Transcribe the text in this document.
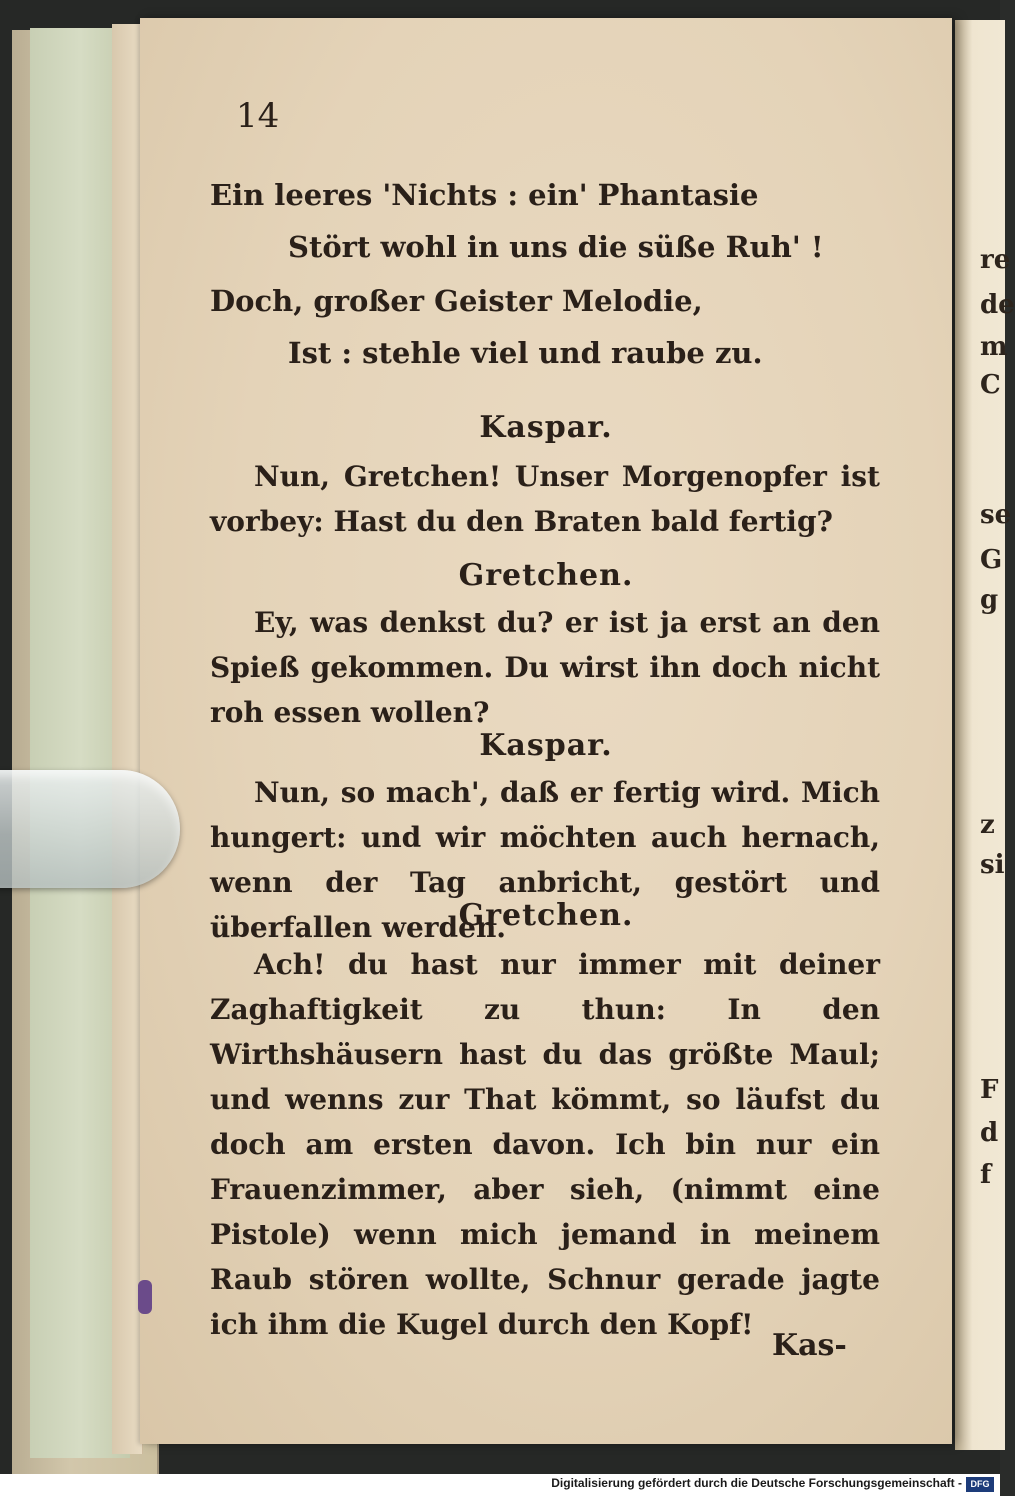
re
de
m
C
se
G
g
z
si
F
d
f
14
Ein leeres 'Nichts : ein' Phantasie
Stört wohl in uns die süße Ruh' !
Doch, großer Geister Melodie,
Ist : stehle viel und raube zu.
Kaspar.
Nun, Gretchen! Unser Morgenopfer ist vorbey: Hast du den Braten bald fertig?
Gretchen.
Ey, was denkst du? er ist ja erst an den Spieß gekommen. Du wirst ihn doch nicht roh essen wollen?
Kaspar.
Nun, so mach', daß er fertig wird. Mich hungert: und wir möchten auch hernach, wenn der Tag anbricht, gestört und überfallen werden.
Gretchen.
Ach! du hast nur immer mit deiner Zaghaftigkeit zu thun: In den Wirthshäusern hast du das größte Maul; und wenns zur That kömmt, so läufst du doch am ersten davon. Ich bin nur ein Frauenzimmer, aber sieh, (nimmt eine Pistole) wenn mich jemand in meinem Raub stören wollte, Schnur gerade jagte ich ihm die Kugel durch den Kopf!
Kas-
Digitalisierung gefördert durch die Deutsche Forschungsgemeinschaft - DFG
